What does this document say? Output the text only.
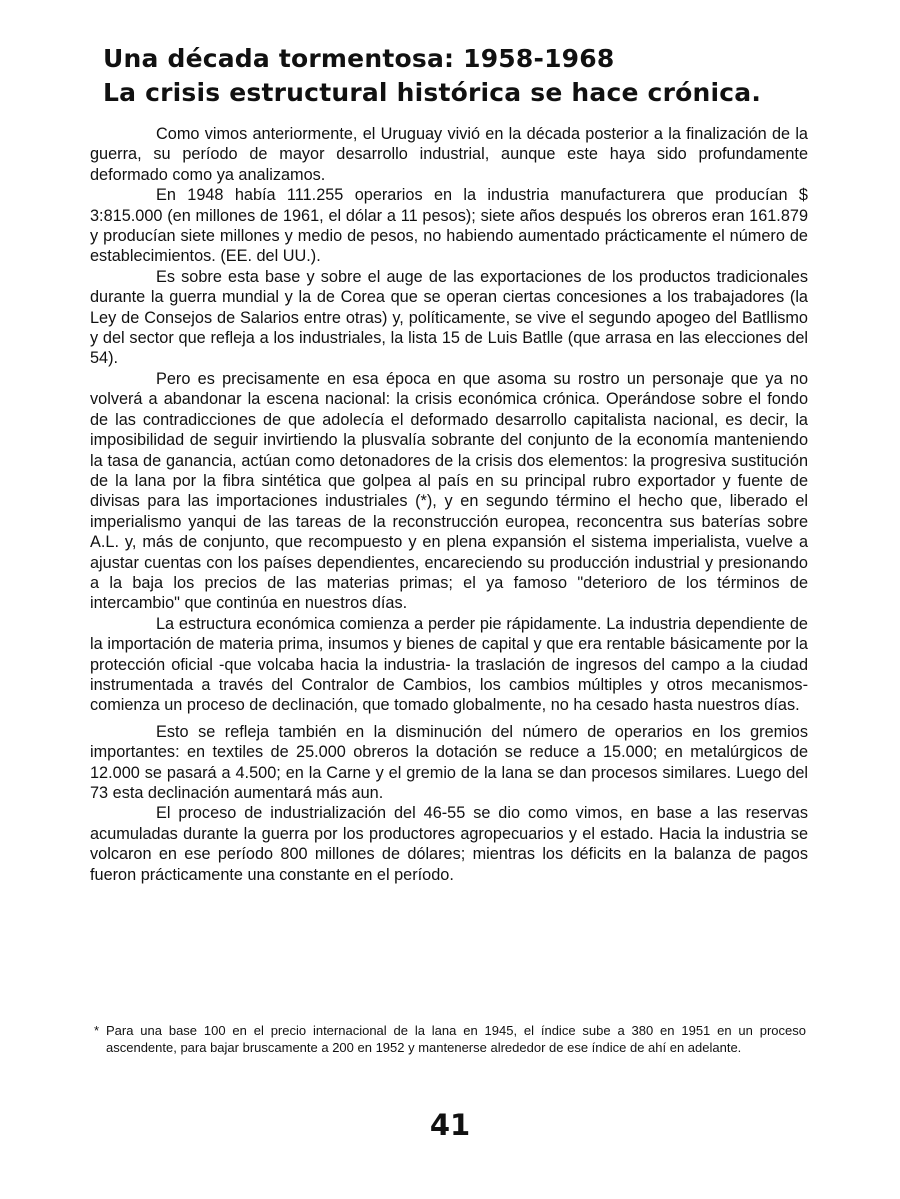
Una década tormentosa: 1958-1968
La crisis estructural histórica se hace crónica.

Como vimos anteriormente, el Uruguay vivió en la década posterior a la finalización de la guerra, su período de mayor desarrollo industrial, aunque este haya sido profundamente deformado como ya analizamos.

En 1948 había 111.255 operarios en la industria manufacturera que producían $ 3:815.000 (en millones de 1961, el dólar a 11 pesos); siete años después los obreros eran 161.879 y producían siete millones y medio de pesos, no habiendo aumentado prácticamente el número de establecimientos. (EE. del UU.).

Es sobre esta base y sobre el auge de las exportaciones de los productos tradicionales durante la guerra mundial y la de Corea que se operan ciertas concesiones a los trabajadores (la Ley de Consejos de Salarios entre otras) y, políticamente, se vive el segundo apogeo del Batllismo y del sector que refleja a los industriales, la lista 15 de Luis Batlle (que arrasa en las elecciones del 54).

Pero es precisamente en esa época en que asoma su rostro un personaje que ya no volverá a abandonar la escena nacional: la crisis económica crónica. Operándose sobre el fondo de las contradicciones de que adolecía el deformado desarrollo capitalista nacional, es decir, la imposibilidad de seguir invirtiendo la plusvalía sobrante del conjunto de la economía manteniendo la tasa de ganancia, actúan como detonadores de la crisis dos elementos: la progresiva sustitución de la lana por la fibra sintética que golpea al país en su principal rubro exportador y fuente de divisas para las importaciones industriales (*), y en segundo término el hecho que, liberado el imperialismo yanqui de las tareas de la reconstrucción europea, reconcentra sus baterías sobre A.L. y, más de conjunto, que recompuesto y en plena expansión el sistema imperialista, vuelve a ajustar cuentas con los países dependientes, encareciendo su producción industrial y presionando a la baja los precios de las materias primas; el ya famoso "deterioro de los términos de intercambio" que continúa en nuestros días.

La estructura económica comienza a perder pie rápidamente. La industria dependiente de la importación de materia prima, insumos y bienes de capital y que era rentable básicamente por la protección oficial -que volcaba hacia la industria- la traslación de ingresos del campo a la ciudad instrumentada a través del Contralor de Cambios, los cambios múltiples y otros mecanismos- comienza un proceso de declinación, que tomado globalmente, no ha cesado hasta nuestros días.

Esto se refleja también en la disminución del número de operarios en los gremios importantes: en textiles de 25.000 obreros la dotación se reduce a 15.000; en metalúrgicos de 12.000 se pasará a 4.500; en la Carne y el gremio de la lana se dan procesos similares. Luego del 73 esta declinación aumentará más aun.

El proceso de industrialización del 46-55 se dio como vimos, en base a las reservas acumuladas durante la guerra por los productores agropecuarios y el estado. Hacia la industria se volcaron en ese período 800 millones de dólares; mientras los déficits en la balanza de pagos fueron prácticamente una constante en el período.

* Para una base 100 en el precio internacional de la lana en 1945, el índice sube a 380 en 1951 en un proceso ascendente, para bajar bruscamente a 200 en 1952 y mantenerse alrededor de ese índice de ahí en adelante.
41
